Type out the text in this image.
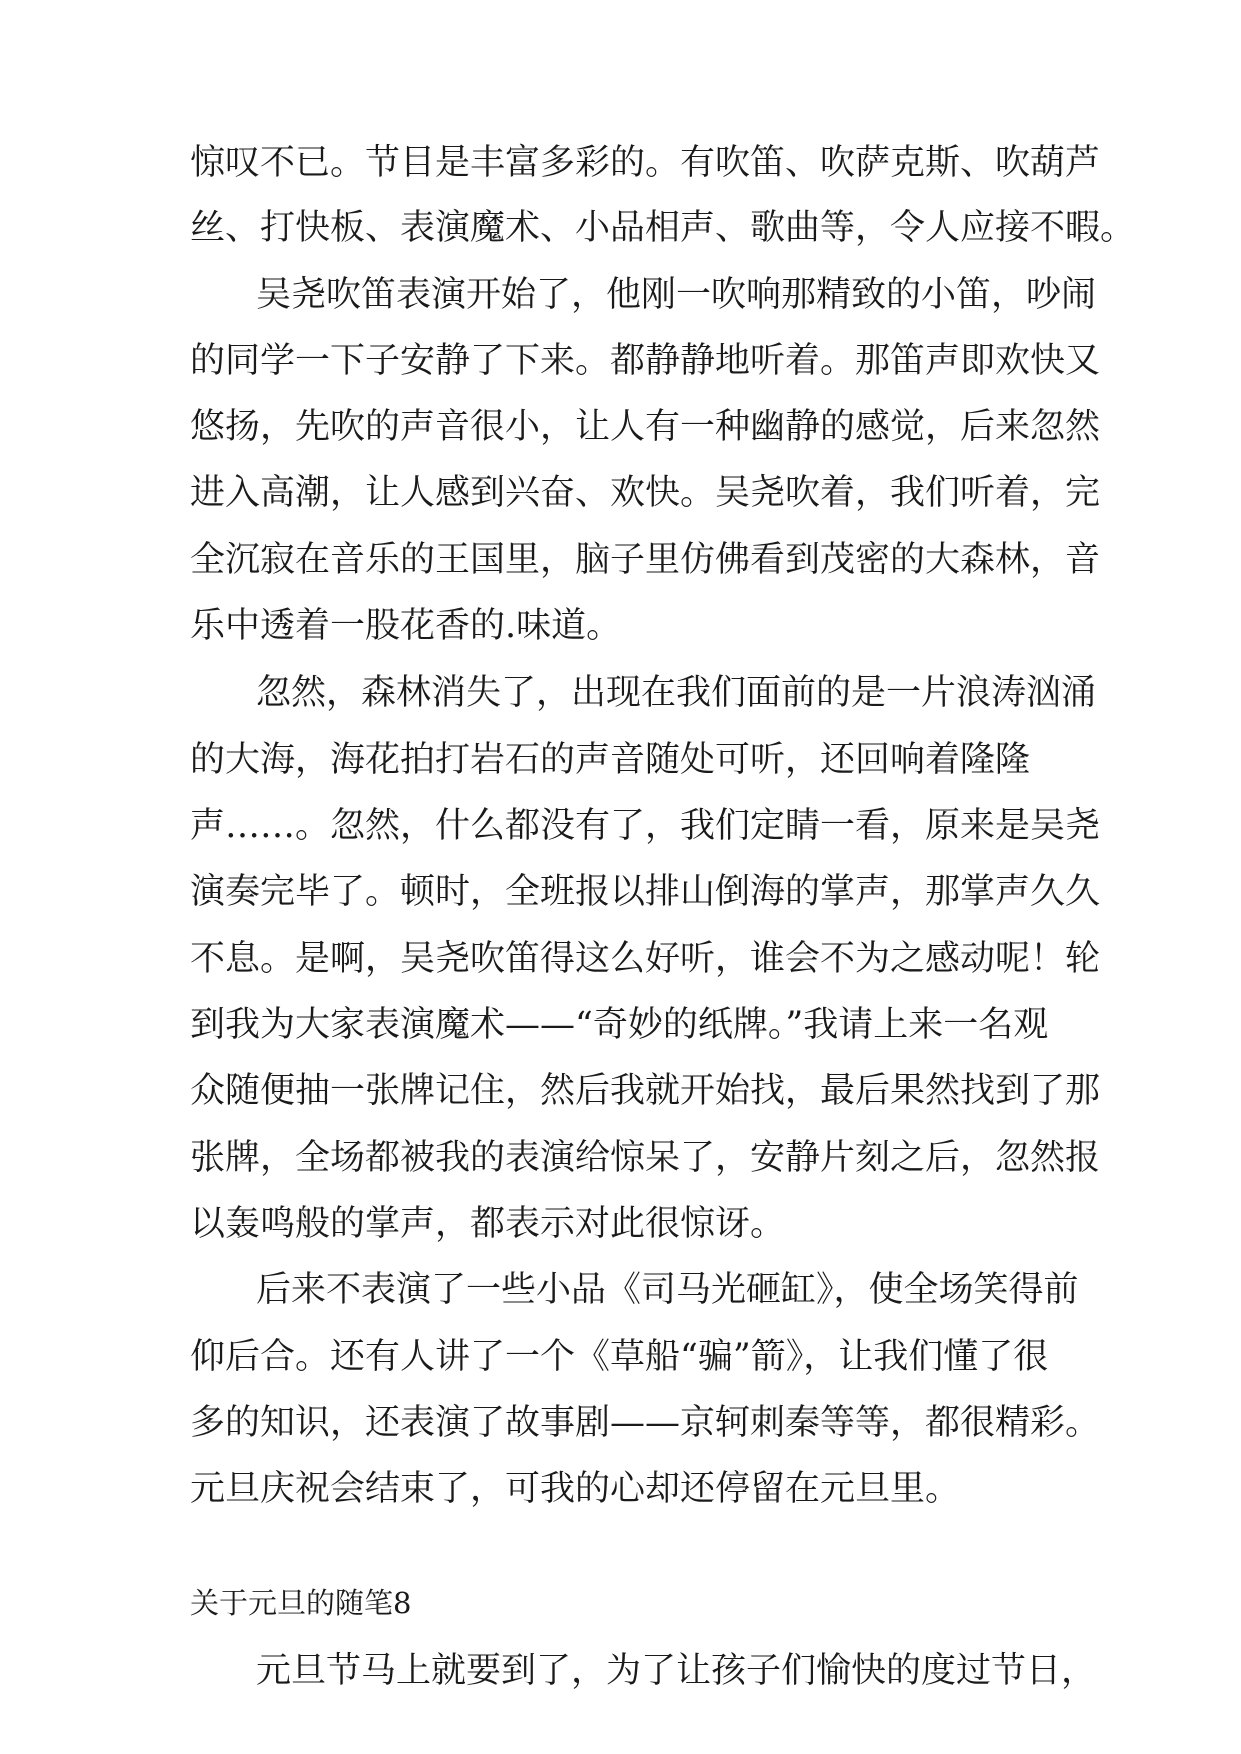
惊叹不已。节目是丰富多彩的。有吹笛、吹萨克斯、吹葫芦
丝、打快板、表演魔术、小品相声、歌曲等，令人应接不暇。
吴尧吹笛表演开始了，他刚一吹响那精致的小笛，吵闹
的同学一下子安静了下来。都静静地听着。那笛声即欢快又
悠扬，先吹的声音很小，让人有一种幽静的感觉，后来忽然
进入高潮，让人感到兴奋、欢快。吴尧吹着，我们听着，完
全沉寂在音乐的王国里，脑子里仿佛看到茂密的大森林，音
乐中透着一股花香的.味道。
忽然，森林消失了，出现在我们面前的是一片浪涛汹涌
的大海，海花拍打岩石的声音随处可听，还回响着隆隆
声……。忽然，什么都没有了，我们定睛一看，原来是吴尧
演奏完毕了。顿时，全班报以排山倒海的掌声，那掌声久久
不息。是啊，吴尧吹笛得这么好听，谁会不为之感动呢！轮
到我为大家表演魔术——“奇妙的纸牌。”我请上来一名观
众随便抽一张牌记住，然后我就开始找，最后果然找到了那
张牌，全场都被我的表演给惊呆了，安静片刻之后，忽然报
以轰鸣般的掌声，都表示对此很惊讶。
后来不表演了一些小品《司马光砸缸》，使全场笑得前
仰后合。还有人讲了一个《草船“骗”箭》，让我们懂了很
多的知识，还表演了故事剧——京轲刺秦等等，都很精彩。
元旦庆祝会结束了，可我的心却还停留在元旦里。
关于元旦的随笔8
元旦节马上就要到了，为了让孩子们愉快的度过节日，
